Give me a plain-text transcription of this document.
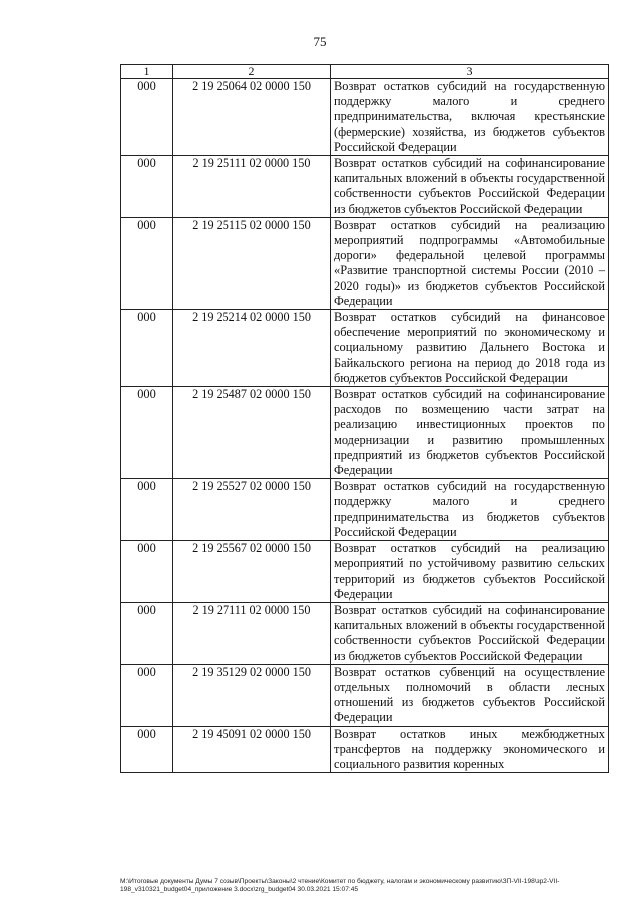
75
1	2	3
000	2 19 25064 02 0000 150	Возврат остатков субсидий на государственную поддержку малого и среднего предпринимательства, включая крестьянские (фермерские) хозяйства, из бюджетов субъектов Российской Федерации
000	2 19 25111 02 0000 150	Возврат остатков субсидий на софинансирование капитальных вложений в объекты государственной собственности субъектов Российской Федерации из бюджетов субъектов Российской Федерации
000	2 19 25115 02 0000 150	Возврат остатков субсидий на реализацию мероприятий подпрограммы «Автомобильные дороги» федеральной целевой программы «Развитие транспортной системы России (2010 – 2020 годы)» из бюджетов субъектов Российской Федерации
000	2 19 25214 02 0000 150	Возврат остатков субсидий на финансовое обеспечение мероприятий по экономическому и социальному развитию Дальнего Востока и Байкальского региона на период до 2018 года из бюджетов субъектов Российской Федерации
000	2 19 25487 02 0000 150	Возврат остатков субсидий на софинансирование расходов по возмещению части затрат на реализацию инвестиционных проектов по модернизации и развитию промышленных предприятий из бюджетов субъектов Российской Федерации
000	2 19 25527 02 0000 150	Возврат остатков субсидий на государственную поддержку малого и среднего предпринимательства из бюджетов субъектов Российской Федерации
000	2 19 25567 02 0000 150	Возврат остатков субсидий на реализацию мероприятий по устойчивому развитию сельских территорий из бюджетов субъектов Российской Федерации
000	2 19 27111 02 0000 150	Возврат остатков субсидий на софинансирование капитальных вложений в объекты государственной собственности субъектов Российской Федерации из бюджетов субъектов Российской Федерации
000	2 19 35129 02 0000 150	Возврат остатков субвенций на осуществление отдельных полномочий в области лесных отношений из бюджетов субъектов Российской Федерации
000	2 19 45091 02 0000 150	Возврат остатков иных межбюджетных трансфертов на поддержку экономического и социального развития коренных
M:\Итоговые документы Думы 7 созыв\Проекты\Законы\2 чтение\Комитет по бюджету, налогам и экономическому развитию\ЗП-VII-198\зр2-VII-198_v310321_budget04_приложение 3.docx\zrg_budget04 30.03.2021 15:07:45
